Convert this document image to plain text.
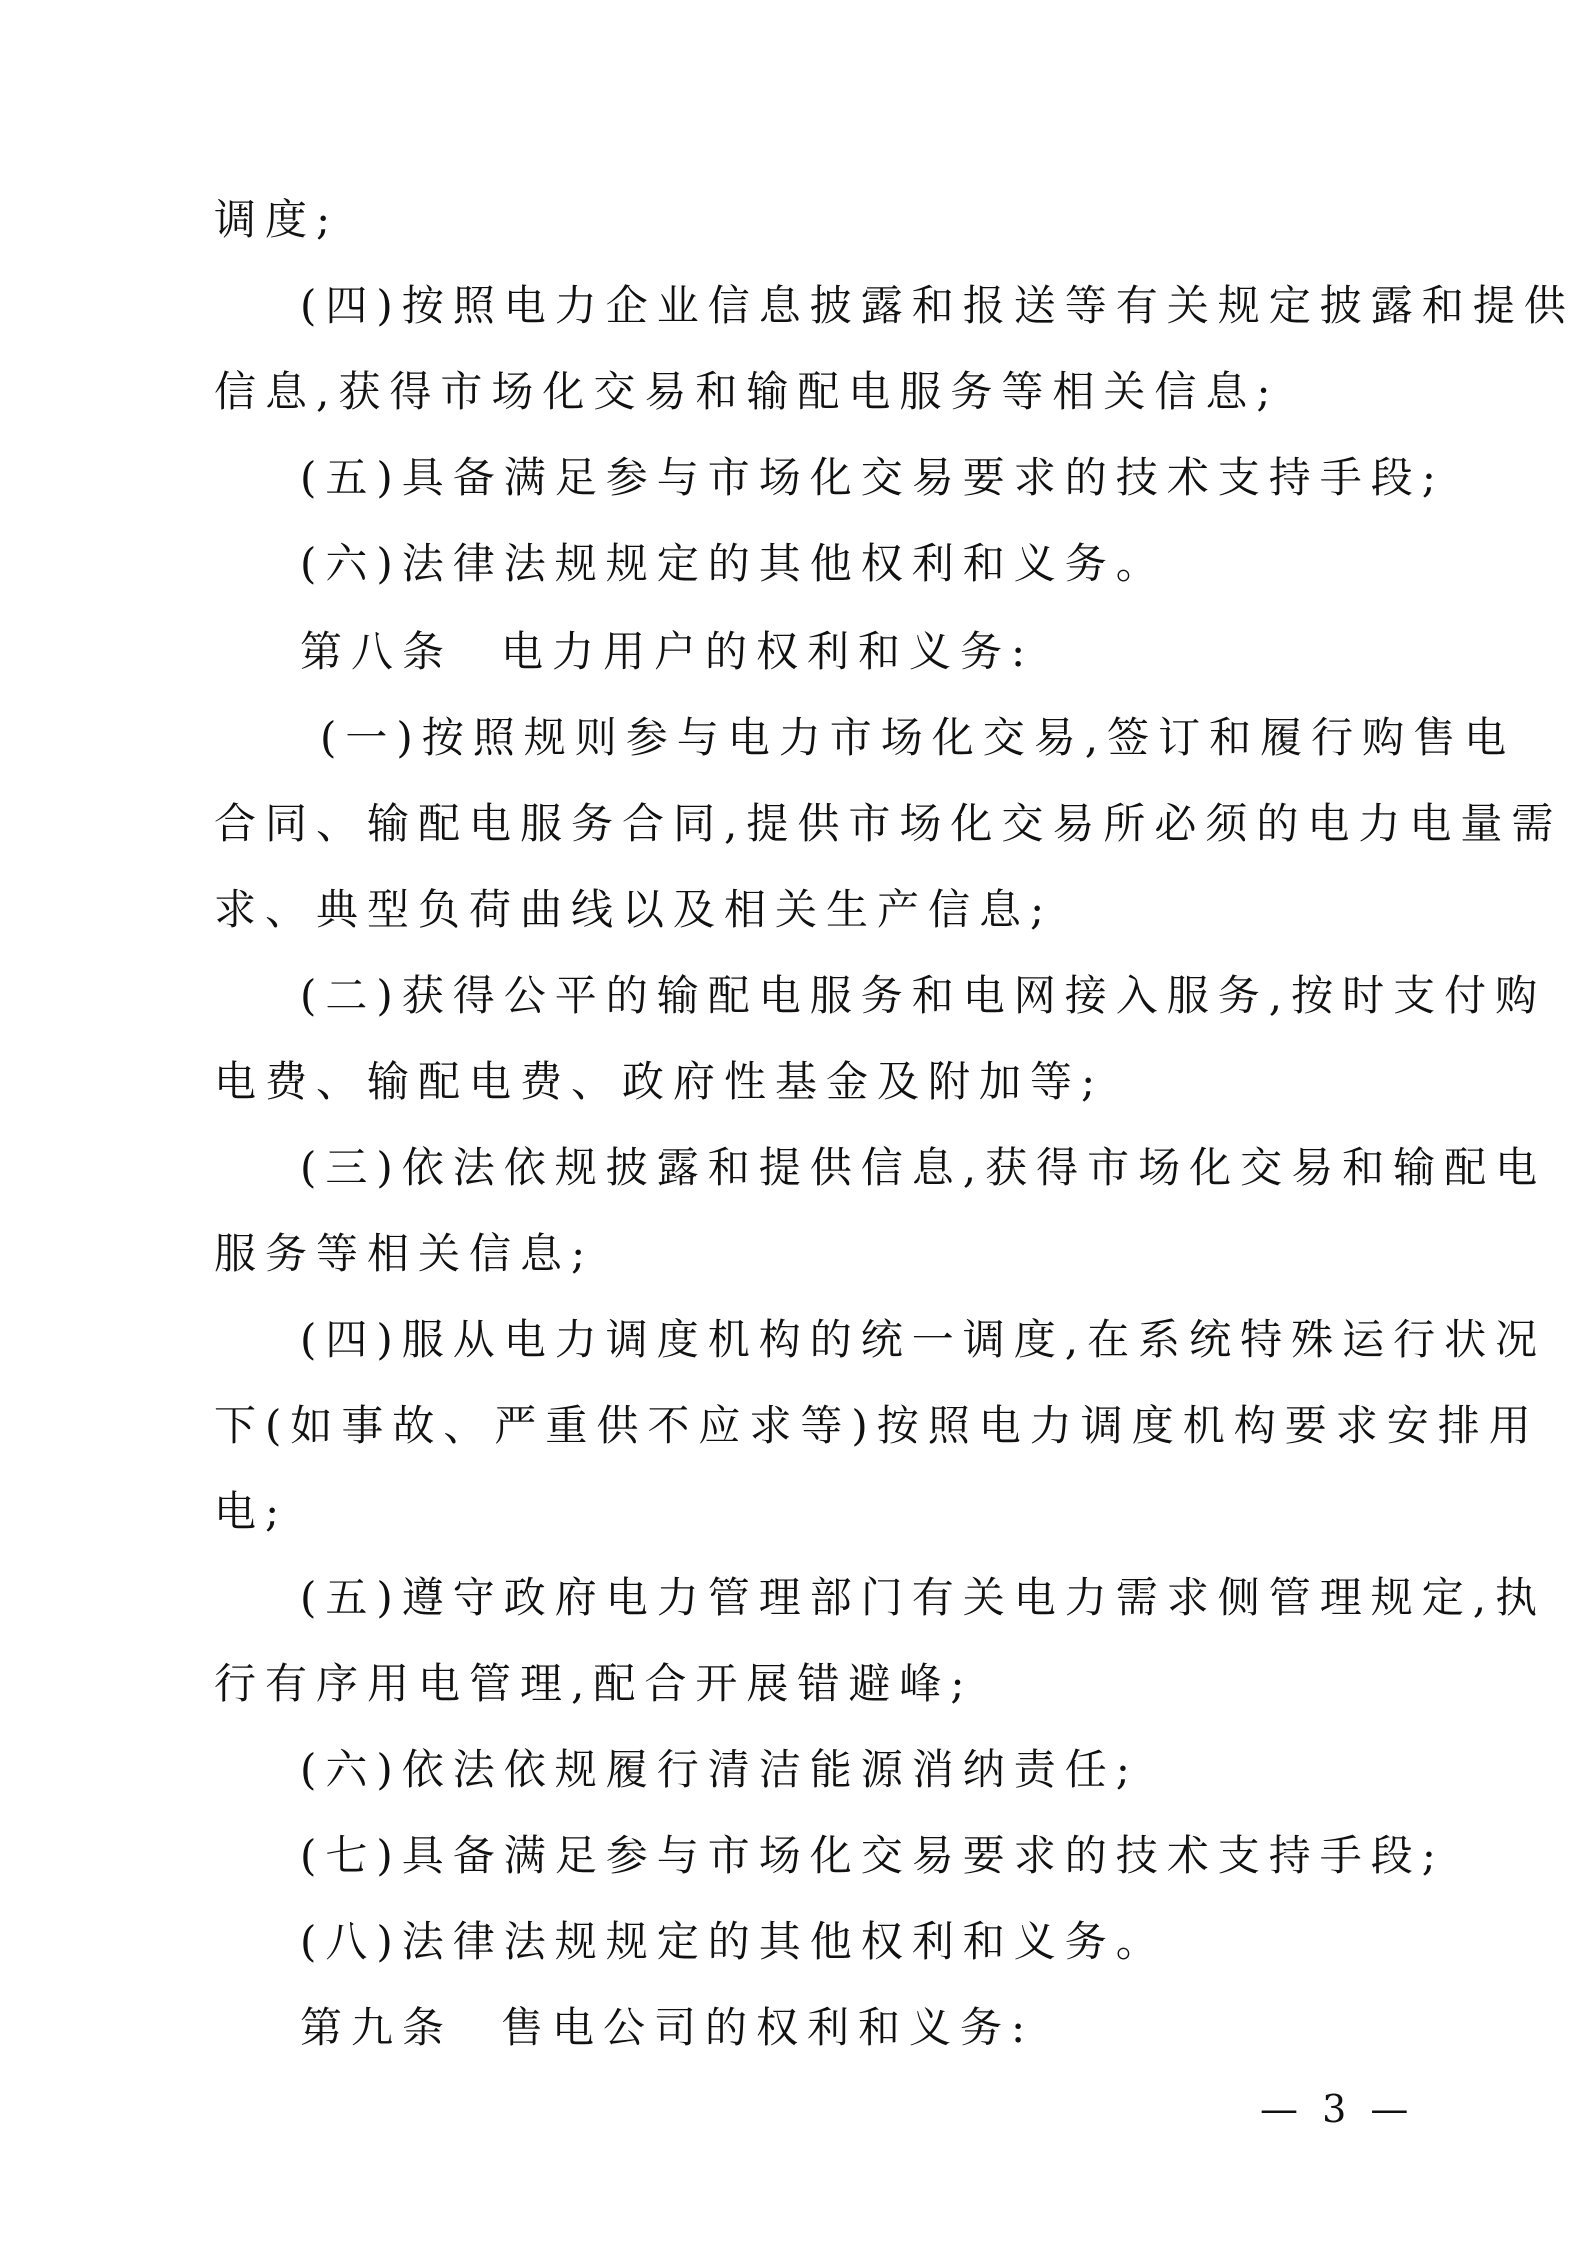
调度;
(四)按照电力企业信息披露和报送等有关规定披露和提供
信息,获得市场化交易和输配电服务等相关信息;
(五)具备满足参与市场化交易要求的技术支持手段;
(六)法律法规规定的其他权利和义务。
第八条 电力用户的权利和义务:
(一)按照规则参与电力市场化交易,签订和履行购售电
合同、输配电服务合同,提供市场化交易所必须的电力电量需
求、典型负荷曲线以及相关生产信息;
(二)获得公平的输配电服务和电网接入服务,按时支付购
电费、输配电费、政府性基金及附加等;
(三)依法依规披露和提供信息,获得市场化交易和输配电
服务等相关信息;
(四)服从电力调度机构的统一调度,在系统特殊运行状况
下(如事故、严重供不应求等)按照电力调度机构要求安排用
电;
(五)遵守政府电力管理部门有关电力需求侧管理规定,执
行有序用电管理,配合开展错避峰;
(六)依法依规履行清洁能源消纳责任;
(七)具备满足参与市场化交易要求的技术支持手段;
(八)法律法规规定的其他权利和义务。
第九条 售电公司的权利和义务:
— 3 —
